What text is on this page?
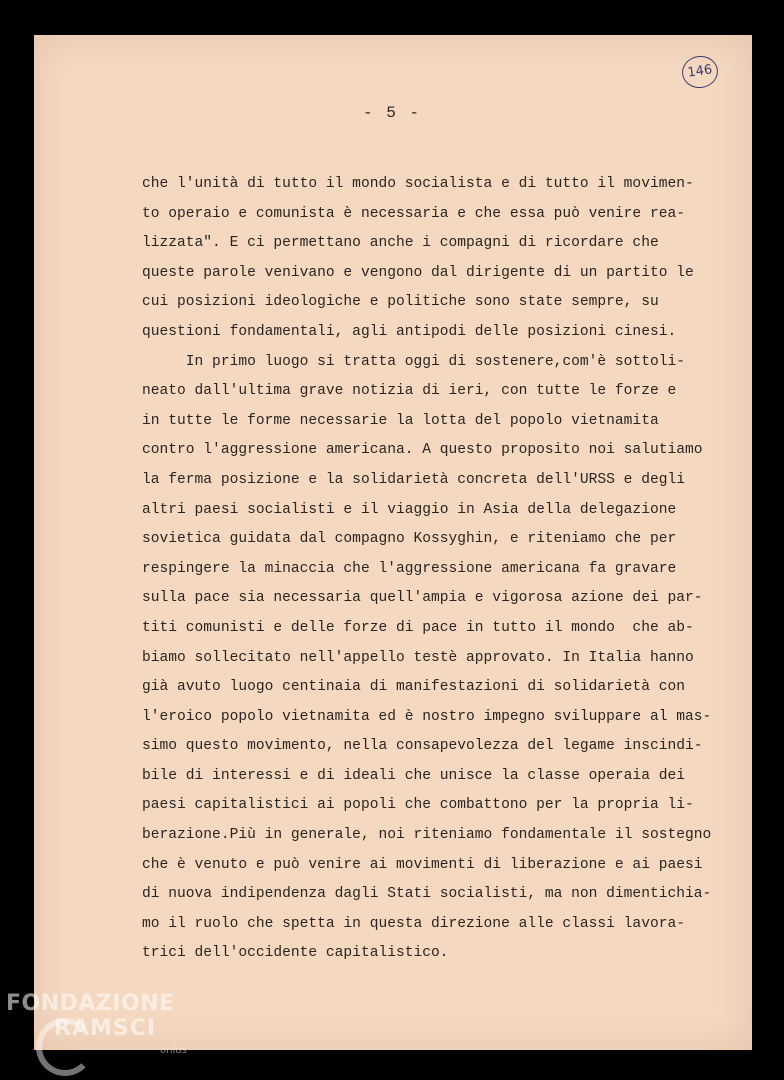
146
- 5 -
che l'unità di tutto il mondo socialista e di tutto il movimen-
to operaio e comunista è necessaria e che essa può venire rea-
lizzata". E ci permettano anche i compagni di ricordare che
queste parole venivano e vengono dal dirigente di un partito le
cui posizioni ideologiche e politiche sono state sempre, su
questioni fondamentali, agli antipodi delle posizioni cinesi.
In primo luogo si tratta oggi di sostenere,com'è sottoli-
neato dall'ultima grave notizia di ieri, con tutte le forze e
in tutte le forme necessarie la lotta del popolo vietnamita
contro l'aggressione americana. A questo proposito noi salutiamo
la ferma posizione e la solidarietà concreta dell'URSS e degli
altri paesi socialisti e il viaggio in Asia della delegazione
sovietica guidata dal compagno Kossyghin, e riteniamo che per
respingere la minaccia che l'aggressione americana fa gravare
sulla pace sia necessaria quell'ampia e vigorosa azione dei par-
titi comunisti e delle forze di pace in tutto il mondo  che ab-
biamo sollecitato nell'appello testè approvato. In Italia hanno
già avuto luogo centinaia di manifestazioni di solidarietà con
l'eroico popolo vietnamita ed è nostro impegno sviluppare al mas-
simo questo movimento, nella consapevolezza del legame inscindi-
bile di interessi e di ideali che unisce la classe operaia dei
paesi capitalistici ai popoli che combattono per la propria li-
berazione.Più in generale, noi riteniamo fondamentale il sostegno
che è venuto e può venire ai movimenti di liberazione e ai paesi
di nuova indipendenza dagli Stati socialisti, ma non dimentichia-
mo il ruolo che spetta in questa direzione alle classi lavora-
trici dell'occidente capitalistico.
FONDAZIONE
RAMSCI
onlus
